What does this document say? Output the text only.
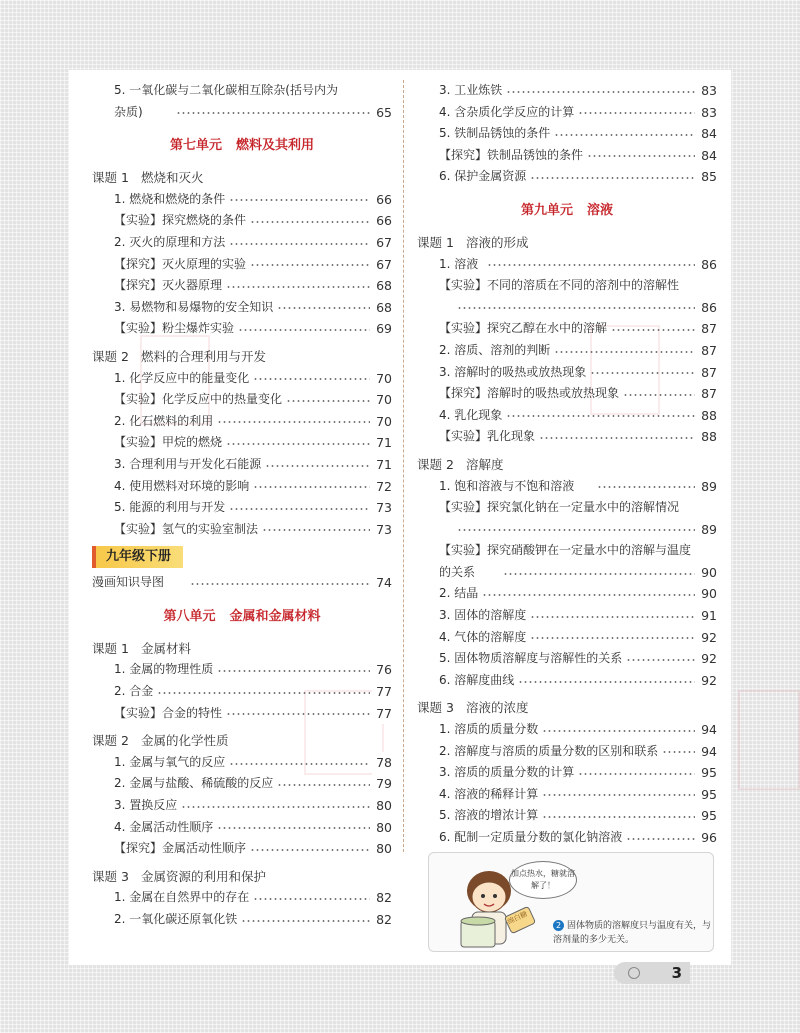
5. 一氧化碳与二氧化碳相互除杂(括号内为
杂质)	65
第七单元 燃料及其利用
课题 1 燃烧和灭火
1. 燃烧和燃烧的条件	66
【实验】探究燃烧的条件	66
2. 灭火的原理和方法	67
【探究】灭火原理的实验	67
【探究】灭火器原理	68
3. 易燃物和易爆物的安全知识	68
【实验】粉尘爆炸实验	69
课题 2 燃料的合理利用与开发
1. 化学反应中的能量变化	70
【实验】化学反应中的热量变化	70
2. 化石燃料的利用	70
【实验】甲烷的燃烧	71
3. 合理利用与开发化石能源	71
4. 使用燃料对环境的影响	72
5. 能源的利用与开发	73
【实验】氢气的实验室制法	73
九年级下册
漫画知识导图	74
第八单元 金属和金属材料
课题 1 金属材料
1. 金属的物理性质	76
2. 合金	77
【实验】合金的特性	77
课题 2 金属的化学性质
1. 金属与氧气的反应	78
2. 金属与盐酸、稀硫酸的反应	79
3. 置换反应	80
4. 金属活动性顺序	80
【探究】金属活动性顺序	80
课题 3 金属资源的利用和保护
1. 金属在自然界中的存在	82
2. 一氧化碳还原氧化铁	82
3. 工业炼铁	83
4. 含杂质化学反应的计算	83
5. 铁制品锈蚀的条件	84
【探究】铁制品锈蚀的条件	84
6. 保护金属资源	85
第九单元 溶液
课题 1 溶液的形成
1. 溶液	86
【实验】不同的溶质在不同的溶剂中的溶解性
86
【实验】探究乙醇在水中的溶解	87
2. 溶质、溶剂的判断	87
3. 溶解时的吸热或放热现象	87
【探究】溶解时的吸热或放热现象	87
4. 乳化现象	88
【实验】乳化现象	88
课题 2 溶解度
1. 饱和溶液与不饱和溶液	89
【实验】探究氯化钠在一定量水中的溶解情况
89
【实验】探究硝酸钾在一定量水中的溶解与温度
的关系	90
2. 结晶	90
3. 固体的溶解度	91
4. 气体的溶解度	92
5. 固体物质溶解度与溶解性的关系	92
6. 溶解度曲线	92
课题 3 溶液的浓度
1. 溶质的质量分数	94
2. 溶解度与溶质的质量分数的区别和联系	94
3. 溶质的质量分数的计算	95
4. 溶液的稀释计算	95
5. 溶液的增浓计算	95
6. 配制一定质量分数的氯化钠溶液	96
加点热水，糖就溶解了！
绵白糖	2 固体物质的溶解度只与温度有关，与溶剂量的多少无关。
3
